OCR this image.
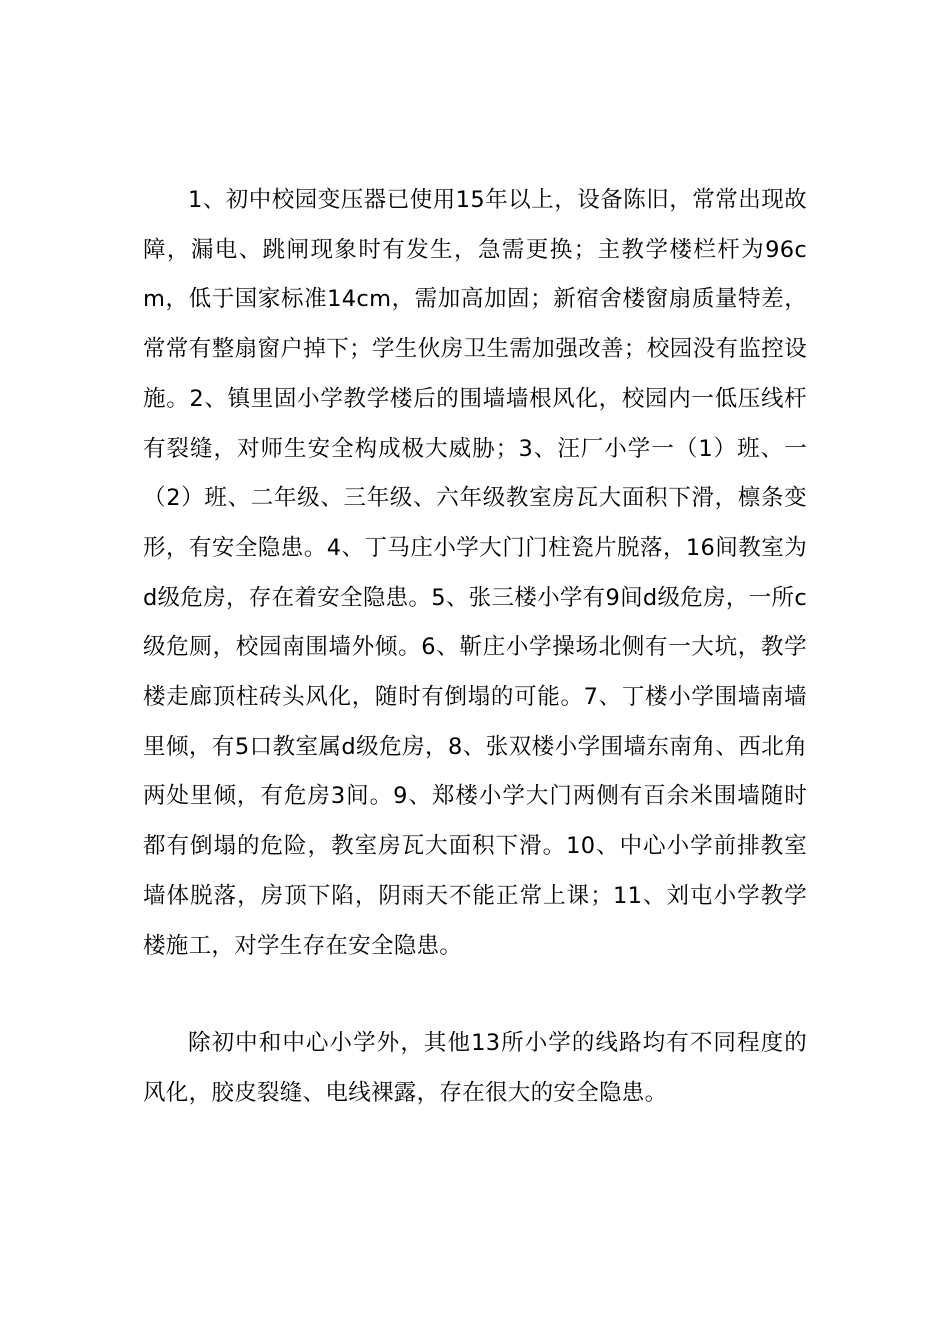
1、初中校园变压器已使用15年以上，设备陈旧，常常出现故障，漏电、跳闸现象时有发生，急需更换；主教学楼栏杆为96cm，低于国家标准14cm，需加高加固；新宿舍楼窗扇质量特差，常常有整扇窗户掉下；学生伙房卫生需加强改善；校园没有监控设施。2、镇里固小学教学楼后的围墙墙根风化，校园内一低压线杆有裂缝，对师生安全构成极大威胁；3、汪厂小学一（1）班、一（2）班、二年级、三年级、六年级教室房瓦大面积下滑，檩条变形，有安全隐患。4、丁马庄小学大门门柱瓷片脱落，16间教室为d级危房，存在着安全隐患。5、张三楼小学有9间d级危房，一所c级危厕，校园南围墙外倾。6、靳庄小学操场北侧有一大坑，教学楼走廊顶柱砖头风化，随时有倒塌的可能。7、丁楼小学围墙南墙里倾，有5口教室属d级危房，8、张双楼小学围墙东南角、西北角两处里倾，有危房3间。9、郑楼小学大门两侧有百余米围墙随时都有倒塌的危险，教室房瓦大面积下滑。10、中心小学前排教室墙体脱落，房顶下陷，阴雨天不能正常上课；11、刘屯小学教学楼施工，对学生存在安全隐患。

除初中和中心小学外，其他13所小学的线路均有不同程度的风化，胶皮裂缝、电线裸露，存在很大的安全隐患。
